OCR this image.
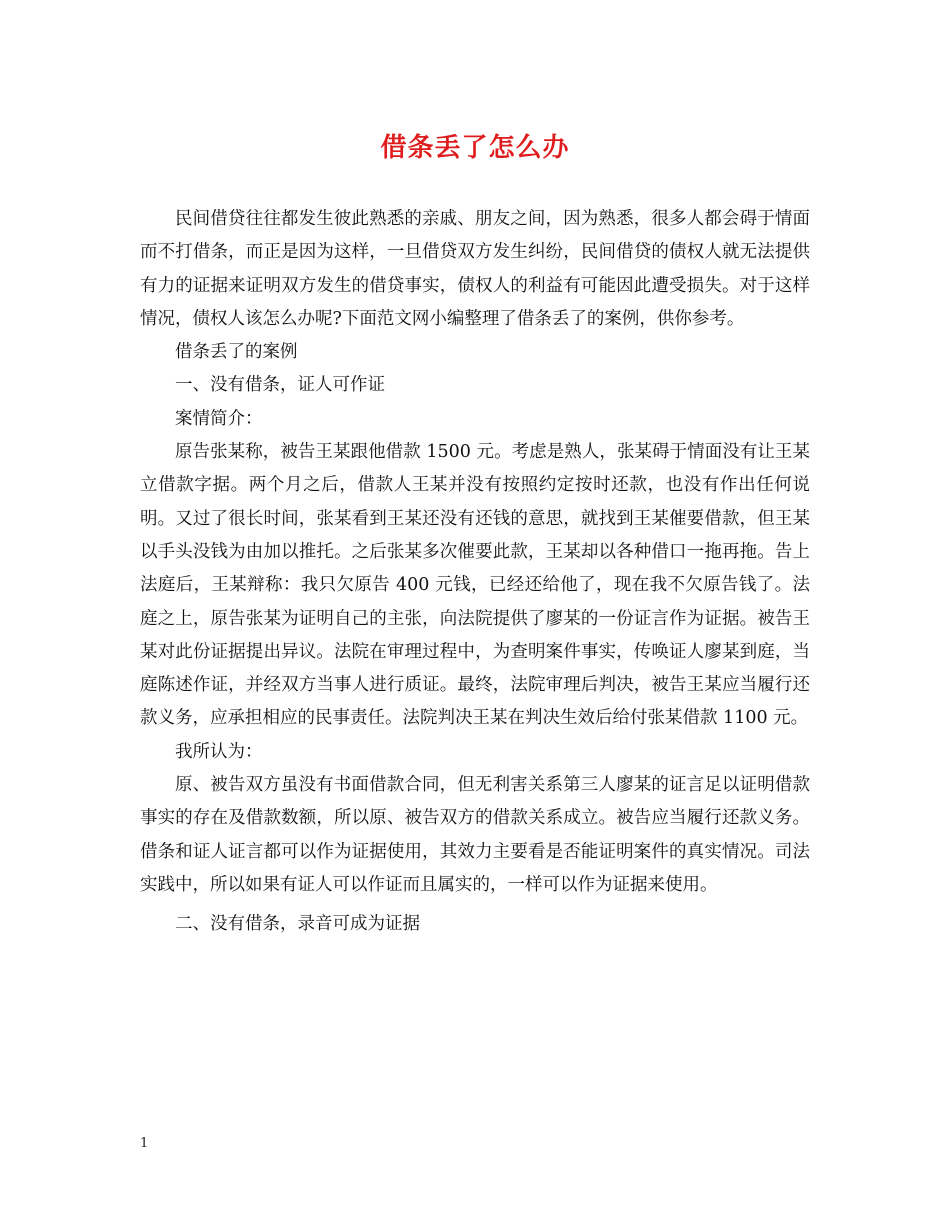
借条丢了怎么办

民间借贷往往都发生彼此熟悉的亲戚、朋友之间，因为熟悉，很多人都会碍于情面而不打借条，而正是因为这样，一旦借贷双方发生纠纷，民间借贷的债权人就无法提供有力的证据来证明双方发生的借贷事实，债权人的利益有可能因此遭受损失。对于这样情况，债权人该怎么办呢?下面范文网小编整理了借条丢了的案例，供你参考。

借条丢了的案例

一、没有借条，证人可作证

案情简介：

原告张某称，被告王某跟他借款 1500 元。考虑是熟人，张某碍于情面没有让王某立借款字据。两个月之后，借款人王某并没有按照约定按时还款，也没有作出任何说明。又过了很长时间，张某看到王某还没有还钱的意思，就找到王某催要借款，但王某以手头没钱为由加以推托。之后张某多次催要此款，王某却以各种借口一拖再拖。告上法庭后，王某辩称：我只欠原告 400 元钱，已经还给他了，现在我不欠原告钱了。法庭之上，原告张某为证明自己的主张，向法院提供了廖某的一份证言作为证据。被告王某对此份证据提出异议。法院在审理过程中，为查明案件事实，传唤证人廖某到庭，当庭陈述作证，并经双方当事人进行质证。最终，法院审理后判决，被告王某应当履行还款义务，应承担相应的民事责任。法院判决王某在判决生效后给付张某借款 1100 元。

我所认为：

原、被告双方虽没有书面借款合同，但无利害关系第三人廖某的证言足以证明借款事实的存在及借款数额，所以原、被告双方的借款关系成立。被告应当履行还款义务。借条和证人证言都可以作为证据使用，其效力主要看是否能证明案件的真实情况。司法实践中，所以如果有证人可以作证而且属实的，一样可以作为证据来使用。

二、没有借条，录音可成为证据

1
